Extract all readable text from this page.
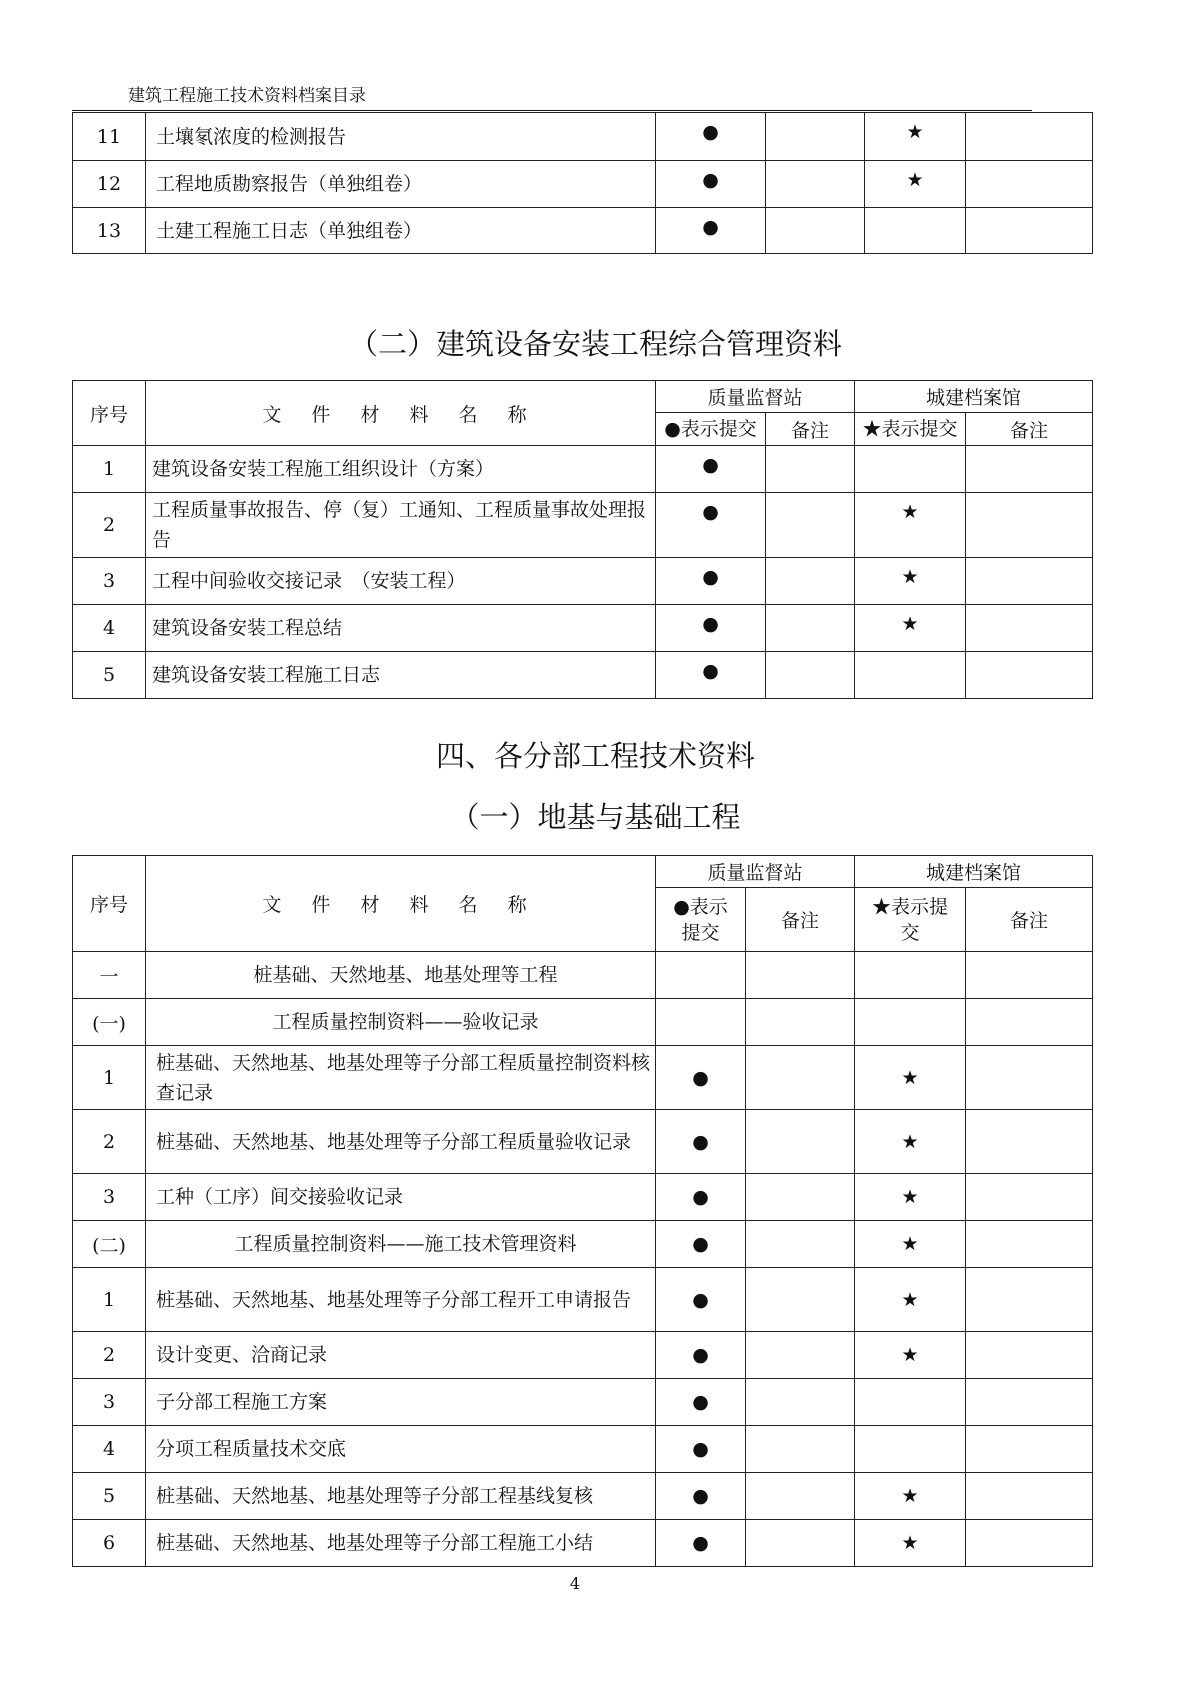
建筑工程施工技术资料档案目录
11	土壤氡浓度的检测报告	●		★	
12	工程地质勘察报告（单独组卷）	●		★	
13	土建工程施工日志（单独组卷）	●			
（二）建筑设备安装工程综合管理资料
序号	文 件 材 料 名 称	质量监督站		城建档案馆	
		●表示提交	备注	★表示提交	备注
1	建筑设备安装工程施工组织设计（方案）	●			
2	工程质量事故报告、停（复）工通知、工程质量事故处理报告	●		★	
3	工程中间验收交接记录　（安装工程）	●		★	
4	建筑设备安装工程总结	●		★	
5	建筑设备安装工程施工日志	●			
四、各分部工程技术资料
（一）地基与基础工程
序号	文 件 材 料 名 称	质量监督站		城建档案馆	
		●表示提交	备注	★表示提交	备注
一	桩基础、天然地基、地基处理等工程				
(一)	工程质量控制资料——验收记录				
1	桩基础、天然地基、地基处理等子分部工程质量控制资料核查记录	●		★	
2	桩基础、天然地基、地基处理等子分部工程质量验收记录	●		★	
3	工种（工序）间交接验收记录	●		★	
(二)	工程质量控制资料——施工技术管理资料	●		★	
1	桩基础、天然地基、地基处理等子分部工程开工申请报告	●		★	
2	设计变更、洽商记录	●		★	
3	子分部工程施工方案	●			
4	分项工程质量技术交底	●			
5	桩基础、天然地基、地基处理等子分部工程基线复核	●		★	
6	桩基础、天然地基、地基处理等子分部工程施工小结	●		★	
4
